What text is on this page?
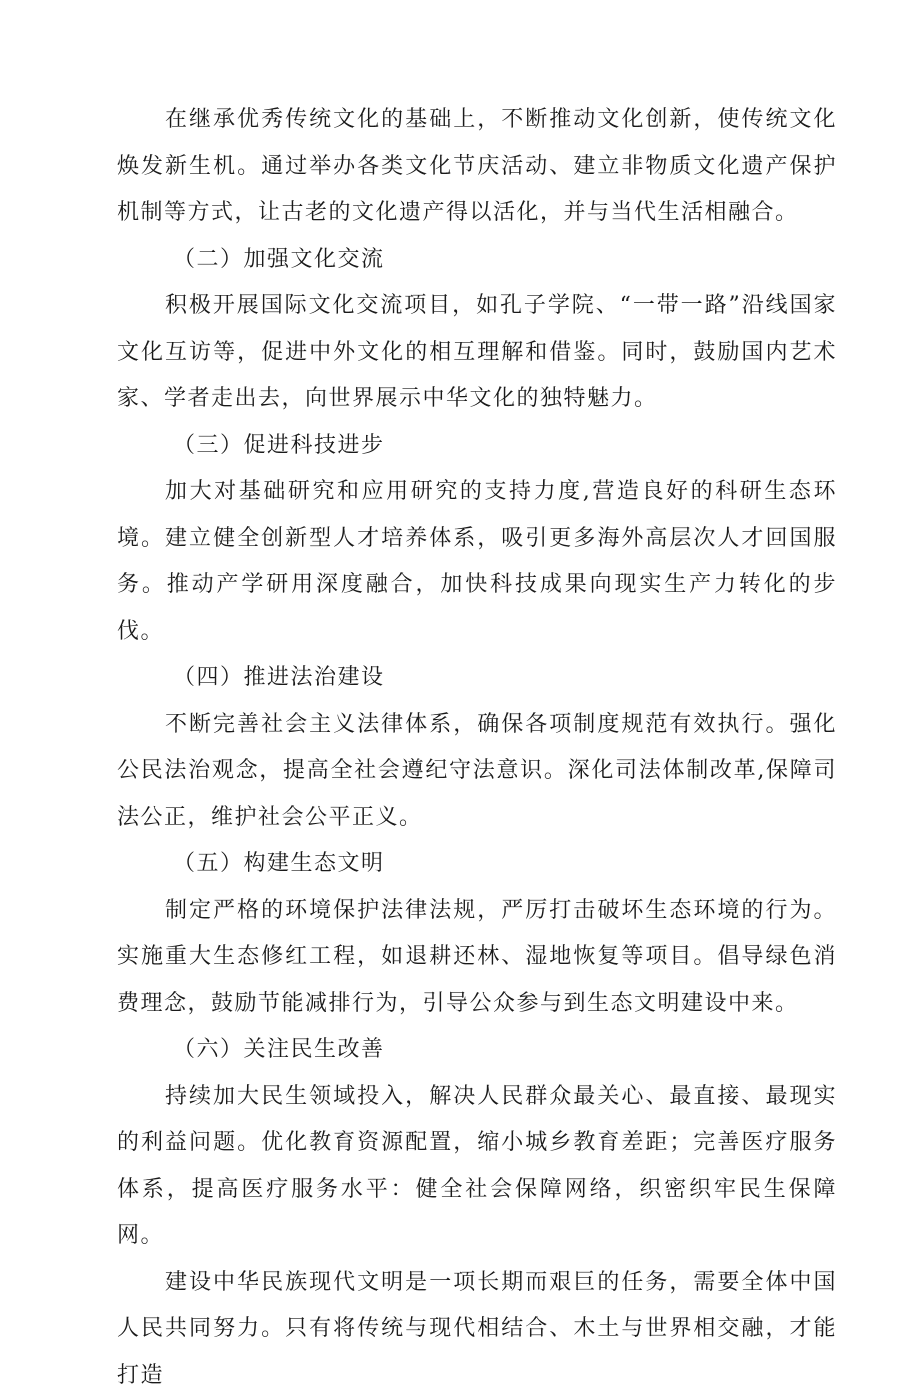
在继承优秀传统文化的基础上，不断推动文化创新，使传统文化焕发新生机。通过举办各类文化节庆活动、建立非物质文化遗产保护机制等方式，让古老的文化遗产得以活化，并与当代生活相融合。

（二）加强文化交流

积极开展国际文化交流项目，如孔子学院、“一带一路”沿线国家文化互访等，促进中外文化的相互理解和借鉴。同时，鼓励国内艺术家、学者走出去，向世界展示中华文化的独特魅力。

（三）促进科技进步

加大对基础研究和应用研究的支持力度,营造良好的科研生态环境。建立健全创新型人才培养体系，吸引更多海外高层次人才回国服务。推动产学研用深度融合，加快科技成果向现实生产力转化的步伐。

（四）推进法治建设

不断完善社会主义法律体系，确保各项制度规范有效执行。强化公民法治观念，提高全社会遵纪守法意识。深化司法体制改革,保障司法公正，维护社会公平正义。

（五）构建生态文明

制定严格的环境保护法律法规，严厉打击破坏生态环境的行为。实施重大生态修红工程，如退耕还林、湿地恢复等项目。倡导绿色消费理念，鼓励节能减排行为，引导公众参与到生态文明建设中来。

（六）关注民生改善

持续加大民生领域投入，解决人民群众最关心、最直接、最现实的利益问题。优化教育资源配置，缩小城乡教育差距；完善医疗服务体系，提高医疗服务水平：健全社会保障网络，织密织牢民生保障网。

建设中华民族现代文明是一项长期而艰巨的任务，需要全体中国人民共同努力。只有将传统与现代相结合、木土与世界相交融，才能打造
